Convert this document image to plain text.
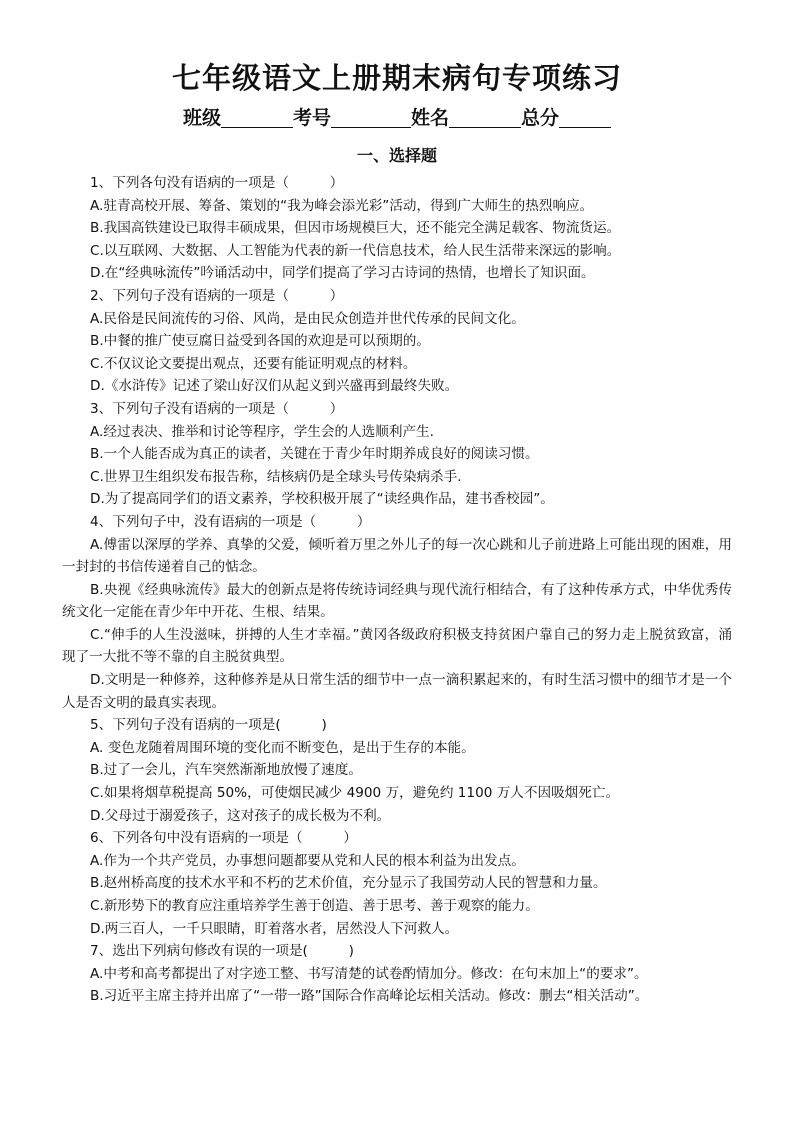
七年级语文上册期末病句专项练习
班级	考号	姓名	总分
一、选择题

1、下列各句没有语病的一项是（　　　）

A.驻青高校开展、筹备、策划的“我为峰会添光彩”活动，得到广大师生的热烈响应。

B.我国高铁建设已取得丰硕成果，但因市场规模巨大，还不能完全满足载客、物流货运。

C.以互联网、大数据、人工智能为代表的新一代信息技术，给人民生活带来深远的影响。

D.在“经典咏流传”吟诵活动中，同学们提高了学习古诗词的热情，也增长了知识面。

2、下列句子没有语病的一项是（　　　）

A.民俗是民间流传的习俗、风尚，是由民众创造并世代传承的民间文化。

B.中餐的推广使豆腐日益受到各国的欢迎是可以预期的。

C.不仅议论文要提出观点，还要有能证明观点的材料。

D.《水浒传》记述了梁山好汉们从起义到兴盛再到最终失败。

3、下列句子没有语病的一项是（　　　）

A.经过表决、推举和讨论等程序，学生会的人选顺利产生.

B.一个人能否成为真正的读者，关键在于青少年时期养成良好的阅读习惯。

C.世界卫生组织发布报告称，结核病仍是全球头号传染病杀手.

D.为了提高同学们的语文素养，学校积极开展了“读经典作品，建书香校园”。

4、下列句子中，没有语病的一项是（　　　）

A.傅雷以深厚的学养、真挚的父爱，倾听着万里之外儿子的每一次心跳和儿子前进路上可能出现的困难，用一封封的书信传递着自己的惦念。

B.央视《经典咏流传》最大的创新点是将传统诗词经典与现代流行相结合，有了这种传承方式，中华优秀传统文化一定能在青少年中开花、生根、结果。

C.“伸手的人生没滋味，拼搏的人生才幸福。”黄冈各级政府积极支持贫困户靠自己的努力走上脱贫致富，涌现了一大批不等不靠的自主脱贫典型。

D.文明是一种修养，这种修养是从日常生活的细节中一点一滴积累起来的，有时生活习惯中的细节才是一个人是否文明的最真实表现。

5、下列句子没有语病的一项是(　　　)

A. 变色龙随着周围环境的变化而不断变色，是出于生存的本能。

B.过了一会儿，汽车突然渐渐地放慢了速度。

C.如果将烟草税提高 50%，可使烟民减少 4900 万，避免约 1100 万人不因吸烟死亡。

D.父母过于溺爱孩子，这对孩子的成长极为不利。

6、下列各句中没有语病的一项是（　　　）

A.作为一个共产党员，办事想问题都要从党和人民的根本利益为出发点。

B.赵州桥高度的技术水平和不朽的艺术价值，充分显示了我国劳动人民的智慧和力量。

C.新形势下的教育应注重培养学生善于创造、善于思考、善于观察的能力。

D.两三百人，一千只眼睛，盯着落水者，居然没人下河救人。

7、选出下列病句修改有误的一项是(　　　)

A.中考和高考都提出了对字迹工整、书写清楚的试卷酌情加分。修改：在句末加上“的要求”。

B.习近平主席主持并出席了“一带一路”国际合作高峰论坛相关活动。修改：删去“相关活动”。
